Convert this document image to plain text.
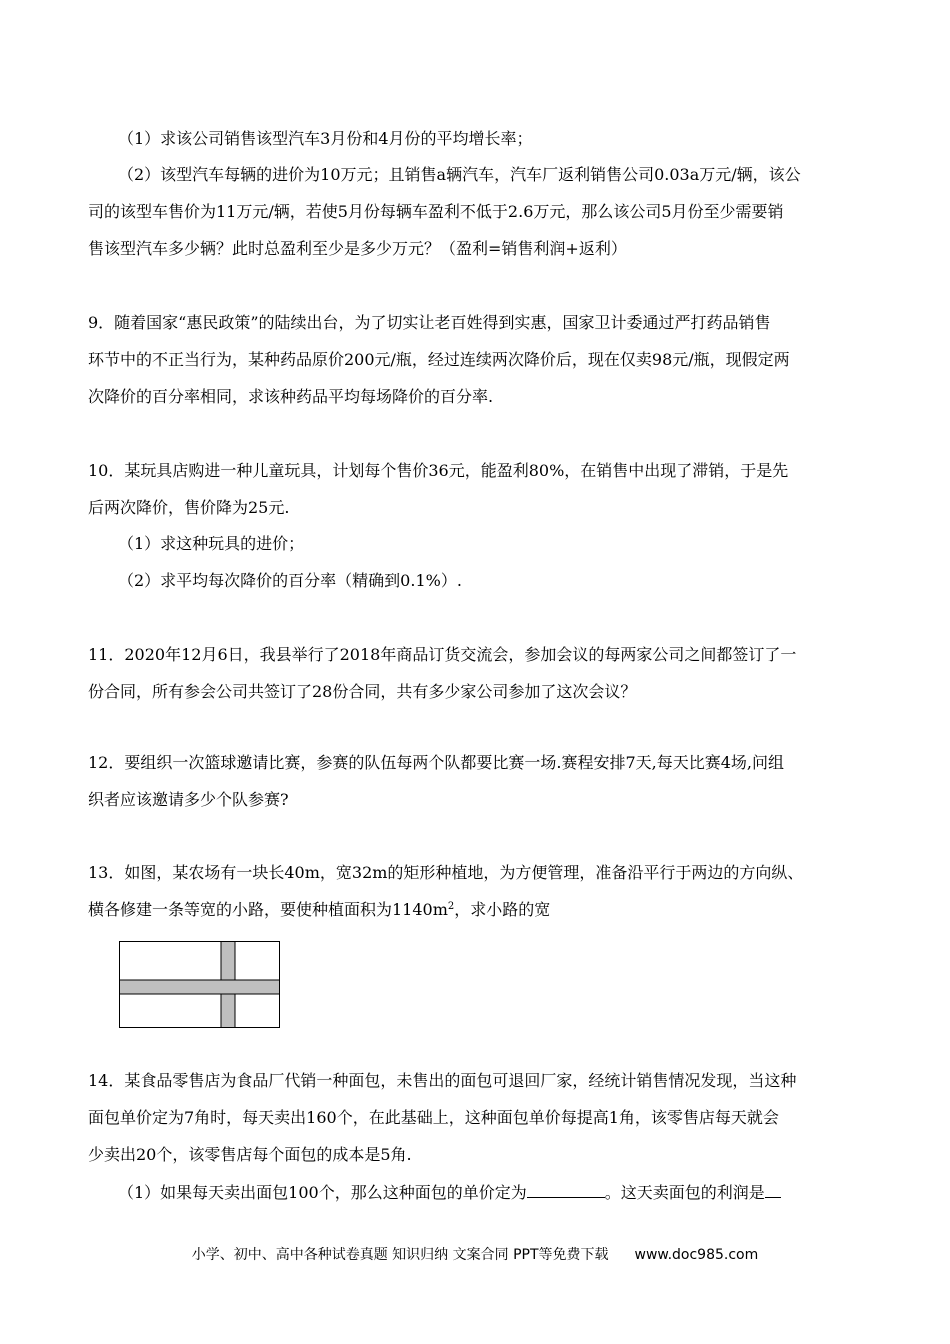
（1）求该公司销售该型汽车3月份和4月份的平均增长率；
（2）该型汽车每辆的进价为10万元；且销售a辆汽车，汽车厂返利销售公司0.03a万元/辆，该公
司的该型车售价为11万元/辆，若使5月份每辆车盈利不低于2.6万元，那么该公司5月份至少需要销
售该型汽车多少辆？此时总盈利至少是多少万元？（盈利=销售利润+返利）
9．随着国家“惠民政策”的陆续出台，为了切实让老百姓得到实惠，国家卫计委通过严打药品销售
环节中的不正当行为，某种药品原价200元/瓶，经过连续两次降价后，现在仅卖98元/瓶，现假定两
次降价的百分率相同，求该种药品平均每场降价的百分率.
10．某玩具店购进一种儿童玩具，计划每个售价36元，能盈利80%，在销售中出现了滞销，于是先
后两次降价，售价降为25元.
（1）求这种玩具的进价；
（2）求平均每次降价的百分率（精确到0.1%）.
11．2020年12月6日，我县举行了2018年商品订货交流会，参加会议的每两家公司之间都签订了一
份合同，所有参会公司共签订了28份合同，共有多少家公司参加了这次会议？
12．要组织一次篮球邀请比赛，参赛的队伍每两个队都要比赛一场.赛程安排7天,每天比赛4场,问组
织者应该邀请多少个队参赛?
13．如图，某农场有一块长40m，宽32m的矩形种植地，为方便管理，准备沿平行于两边的方向纵、
横各修建一条等宽的小路，要使种植面积为$1140m^2$，求小路的宽
14．某食品零售店为食品厂代销一种面包，未售出的面包可退回厂家，经统计销售情况发现，当这种
面包单价定为7角时，每天卖出160个，在此基础上，这种面包单价每提高1角，该零售店每天就会
少卖出20个，该零售店每个面包的成本是5角.
（1）如果每天卖出面包100个，那么这种面包的单价定为	。这天卖面包的利润是
小学、初中、高中各种试卷真题 知识归纳 文案合同 PPT等免费下载 www.doc985.com
